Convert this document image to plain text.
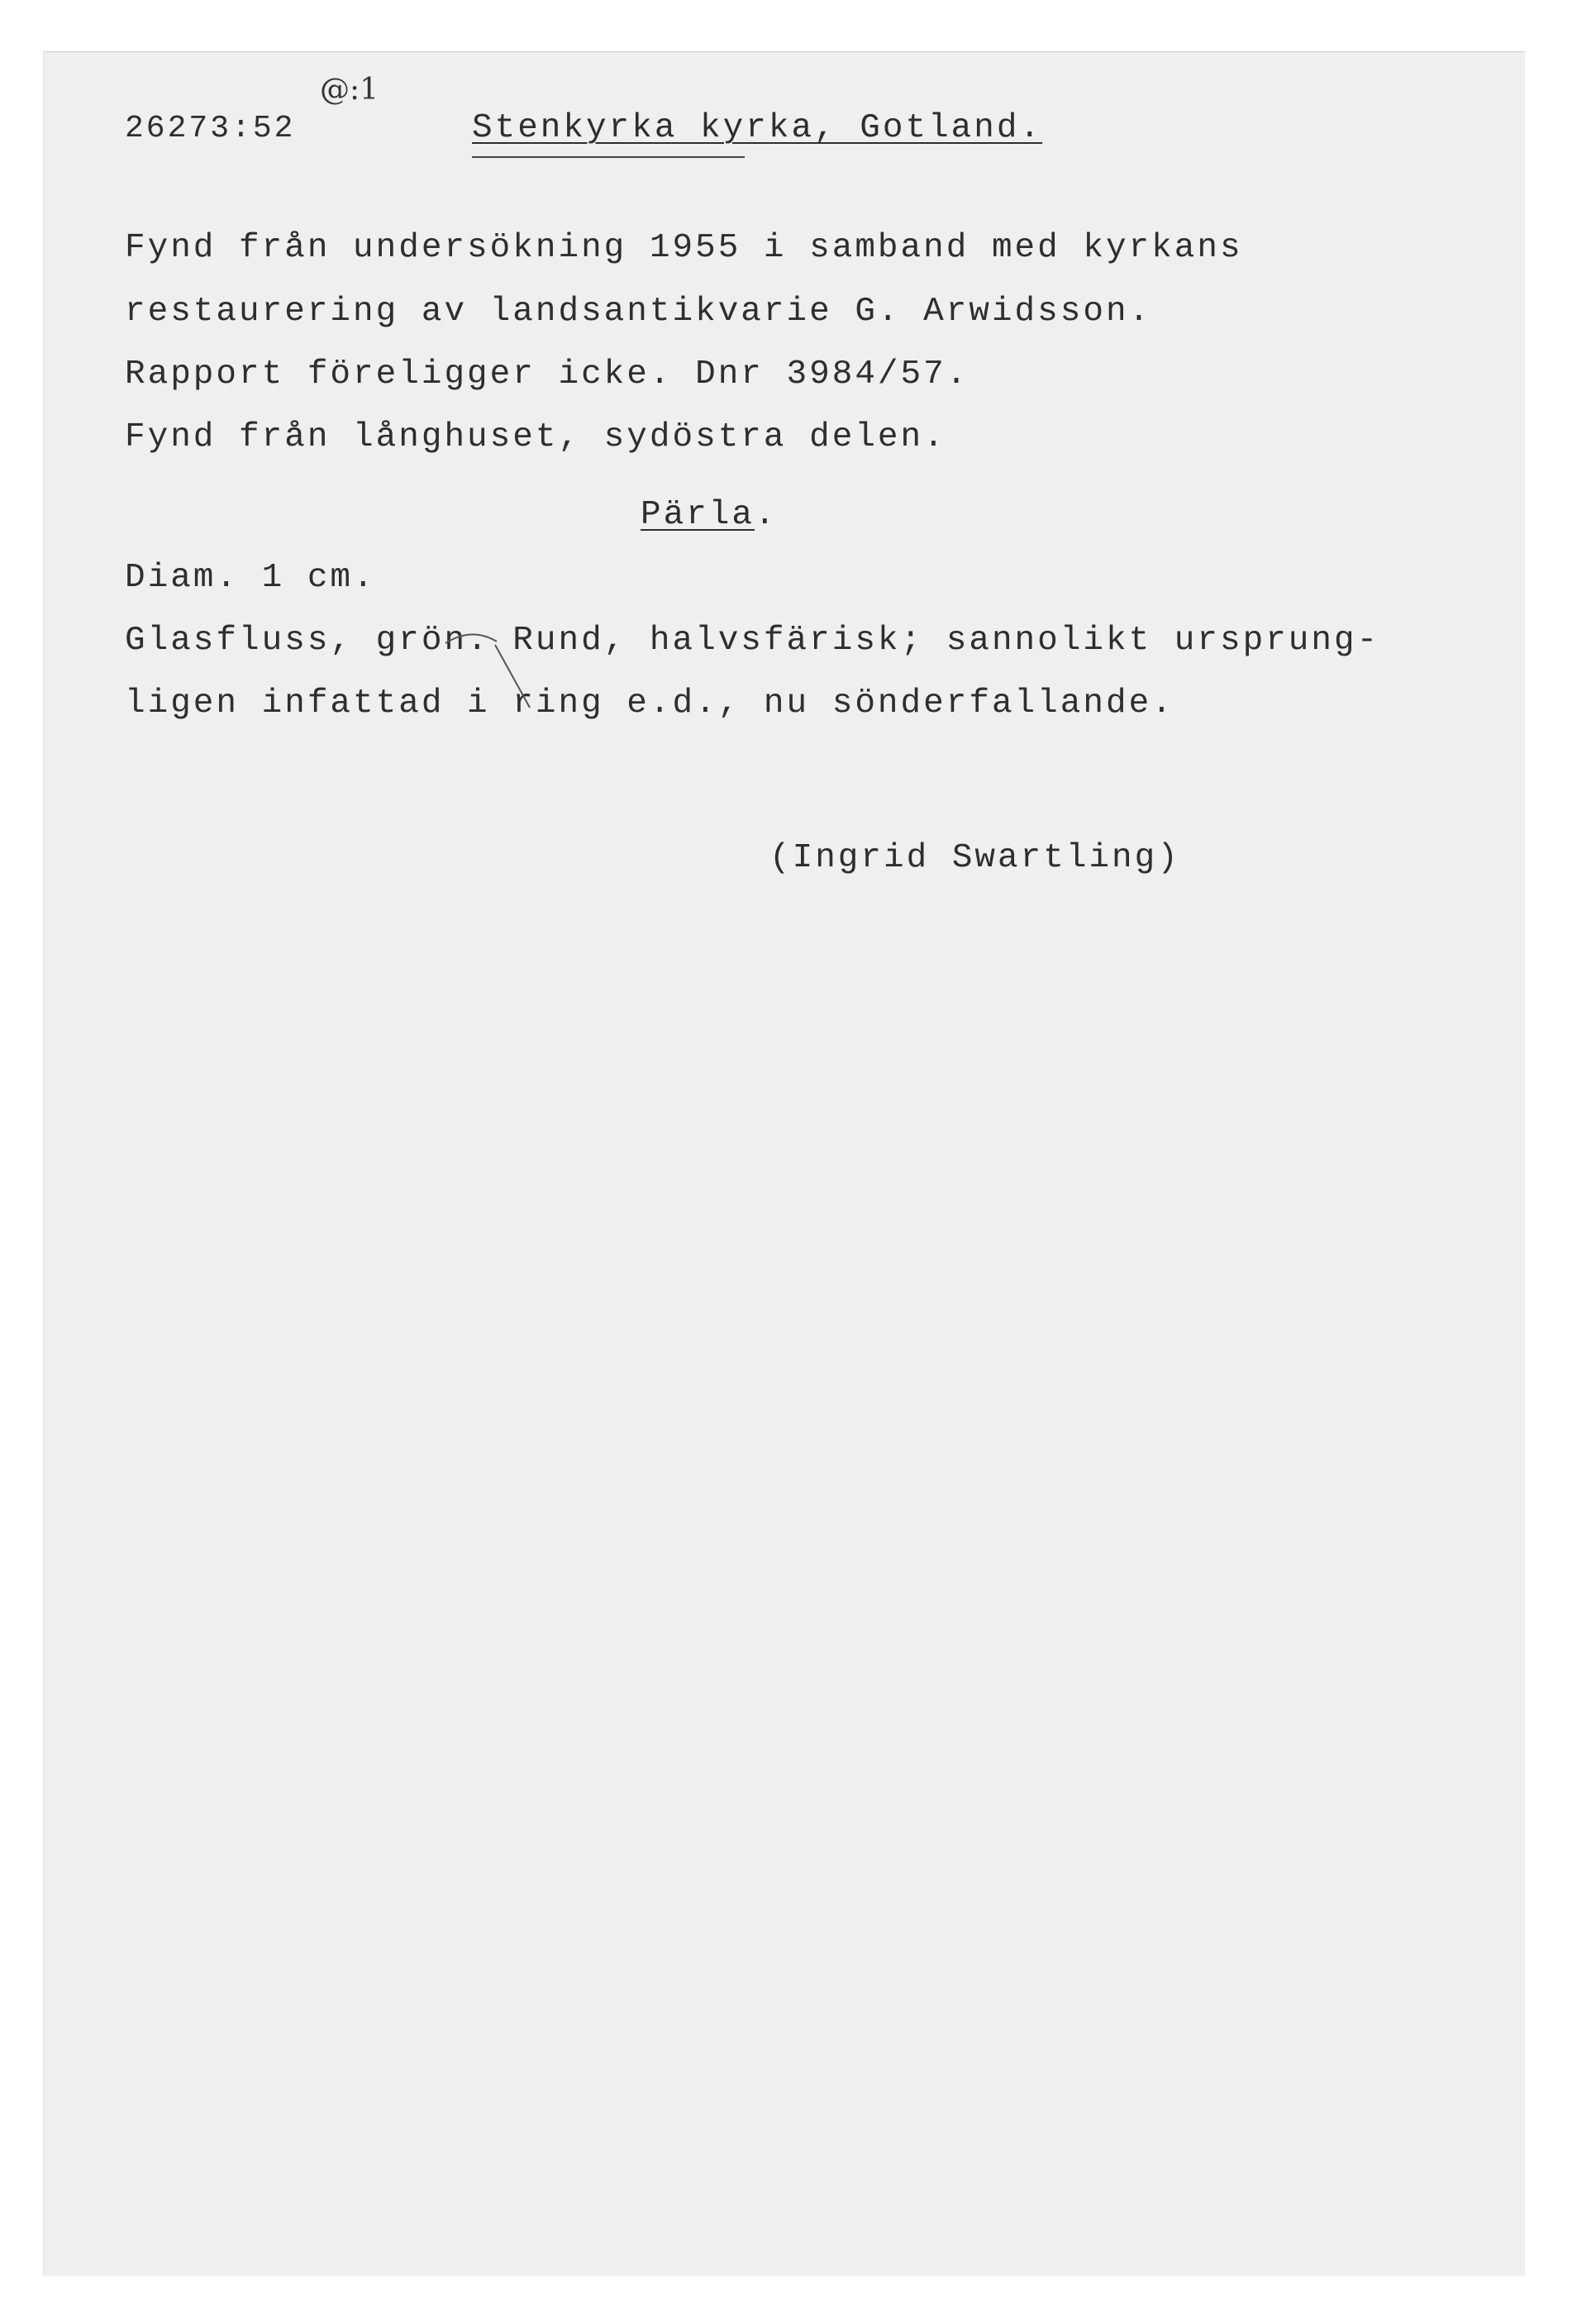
26273:52
@:1
Stenkyrka kyrka, Gotland.
Fynd från undersökning 1955 i samband med kyrkans
restaurering av landsantikvarie G. Arwidsson.
Rapport föreligger icke. Dnr 3984/57.
Fynd från långhuset, sydöstra delen.
Pärla.
Diam. 1 cm.
Glasfluss, grön. Rund, halvsfärisk; sannolikt ursprung-
ligen infattad i ring e.d., nu sönderfallande.
(Ingrid Swartling)
